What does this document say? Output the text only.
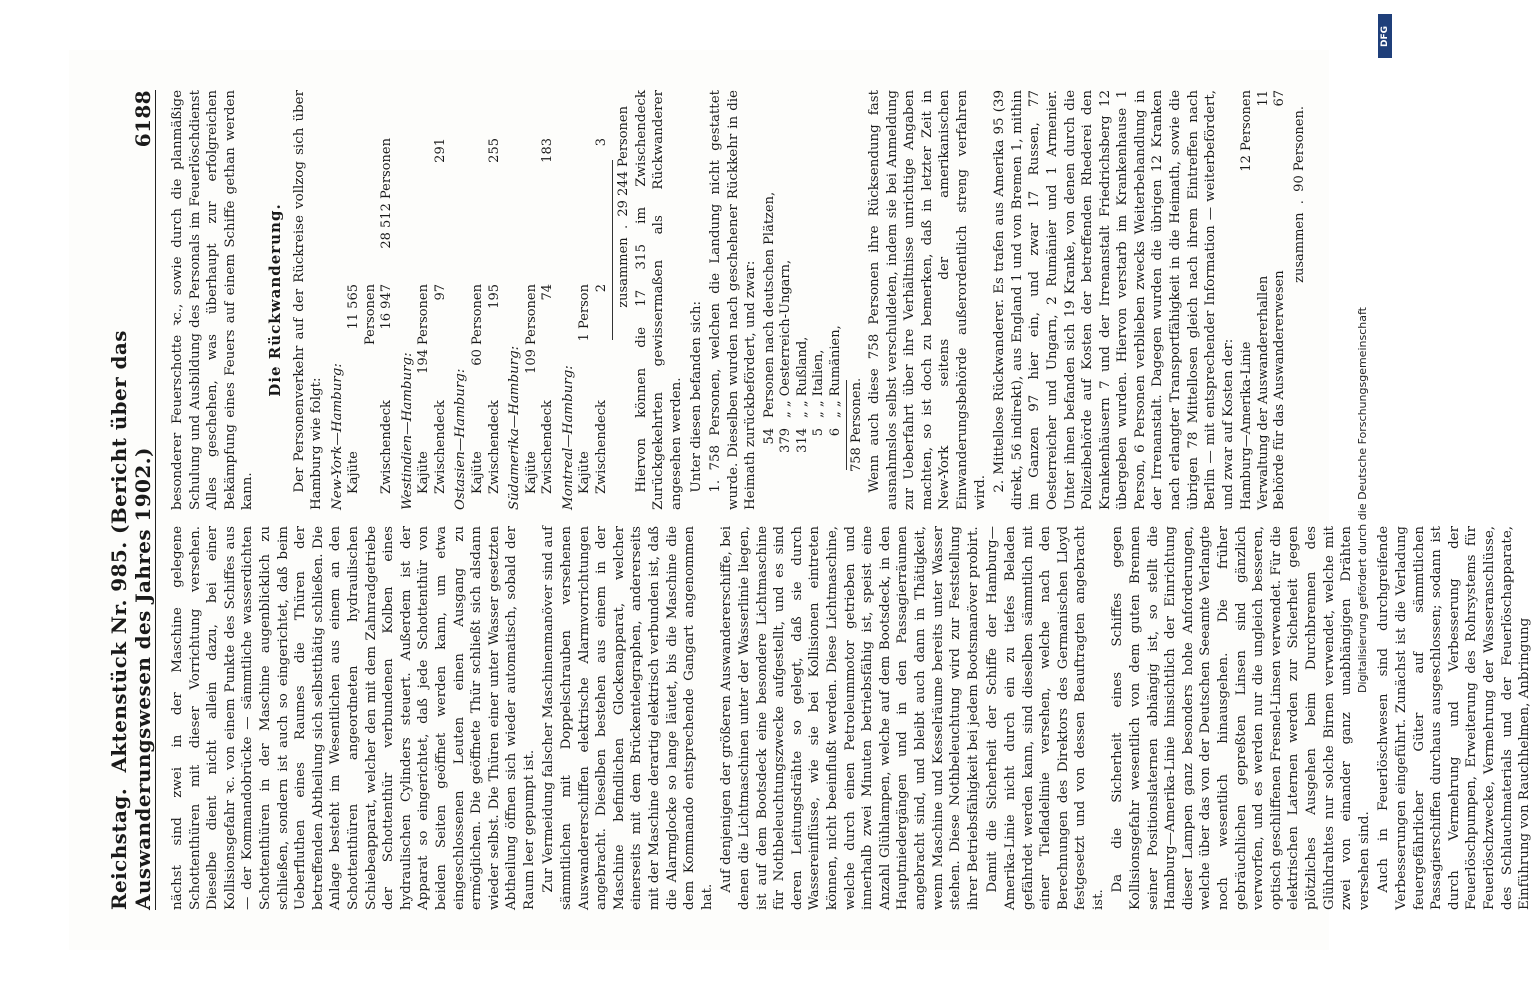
Reichstag. Aktenstück Nr. 985. (Bericht über das Auswanderungswesen des Jahres 1902.)
6188

nächst sind zwei in der Maschine gelegene Schottenthüren mit dieser Vorrichtung versehen. Dieselbe dient nicht allein dazu, bei einer Kollisionsgefahr ꝛc. von einem Punkte des Schiffes aus — der Kommandobrücke — sämmtliche wasserdichten Schottenthüren in der Maschine augenblicklich zu schließen, sondern ist auch so eingerichtet, daß beim Ueberfluthen eines Raumes die Thüren der betreffenden Abtheilung sich selbstthätig schließen. Die Anlage besteht im Wesentlichen aus einem an den Schottenthüren angeordneten hydraulischen Schiebeapparat, welcher den mit dem Zahnradgetriebe der Schottenthür verbundenen Kolben eines hydraulischen Cylinders steuert. Außerdem ist der Apparat so eingerichtet, daß jede Schottenthür von beiden Seiten geöffnet werden kann, um etwa eingeschlossenen Leuten einen Ausgang zu ermöglichen. Die geöffnete Thür schließt sich alsdann wieder selbst. Die Thüren einer unter Wasser gesetzten Abtheilung öffnen sich wieder automatisch, sobald der Raum leer gepumpt ist. Zur Vermeidung falscher Maschinenmanöver sind auf sämmtlichen mit Doppelschrauben versehenen Auswandererschiffen elektrische Alarmvorrichtungen angebracht. Dieselben bestehen aus einem in der Maschine befindlichen Glockenapparat, welcher einerseits mit dem Brückentelegraphen, andererseits mit der Maschine derartig elektrisch verbunden ist, daß die Alarmglocke so lange läutet, bis die Maschine die dem Kommando entsprechende Gangart angenommen hat.

Auf denjenigen der größeren Auswandererschiffe, bei denen die Lichtmaschinen unter der Wasserlinie liegen, ist auf dem Bootsdeck eine besondere Lichtmaschine für Nothbeleuchtungszwecke aufgestellt, und es sind deren Leitungsdrähte so gelegt, daß sie durch Wassereinflüsse, wie sie bei Kollisionen eintreten können, nicht beeinflußt werden. Diese Lichtmaschine, welche durch einen Petroleummotor getrieben und innerhalb zwei Minuten betriebsfähig ist, speist eine Anzahl Glühlampen, welche auf dem Bootsdeck, in den Hauptniedergängen und in den Passagierräumen angebracht sind, und bleibt auch dann in Thätigkeit, wenn Maschine und Kesselräume bereits unter Wasser stehen. Diese Nothbeleuchtung wird zur Feststellung ihrer Betriebsfähigkeit bei jedem Bootsmanöver probirt. Damit die Sicherheit der Schiffe der Hamburg—Amerika-Linie nicht durch ein zu tiefes Beladen gefährdet werden kann, sind dieselben sämmtlich mit einer Tiefladelinie versehen, welche nach den Berechnungen des Direktors des Germanischen Lloyd festgesetzt und von dessen Beauftragten angebracht ist.

Da die Sicherheit eines Schiffes gegen Kollisionsgefahr wesentlich von dem guten Brennen seiner Positionslaternen abhängig ist, so stellt die Hamburg—Amerika-Linie hinsichtlich der Einrichtung dieser Lampen ganz besonders hohe Anforderungen, welche über das von der Deutschen Seeamte Verlangte noch wesentlich hinausgehen. Die früher gebräuchlichen gepreßten Linsen sind gänzlich verworfen, und es werden nur die ungleich besseren, optisch geschliffenen Fresnel-Linsen verwendet. Für die elektrischen Laternen werden zur Sicherheit gegen plötzliches Ausgehen beim Durchbrennen des Glühdrahtes nur solche Birnen verwendet, welche mit zwei von einander ganz unabhängigen Drähten versehen sind. Auch in Feuerlöschwesen sind durchgreifende Verbesserungen eingeführt. Zunächst ist die Verladung feuergefährlicher Güter auf sämmtlichen Passagierschiffen durchaus ausgeschlossen; sodann ist durch Vermehrung und Verbesserung der Feuerlöschpumpen, Erweiterung des Rohrsystems für Feuerlöschzwecke, Vermehrung der Wasseranschlüsse, des Schlauchmaterials und der Feuerlöschapparate, Einführung von Rauchhelmen, Anbringung

besonderer Feuerschotte ꝛc., sowie durch die planmäßige Schulung und Ausbildung des Personals im Feuerlöschdienst Alles geschehen, was überhaupt zur erfolgreichen Bekämpfung eines Feuers auf einem Schiffe gethan werden kann.

Die Rückwanderung. Der Personenverkehr auf der Rückreise vollzog sich über Hamburg wie folgt: New-York—Hamburg: Kajüte
11 565 Personen
Zwischendeck
16 947
28 512 Personen
Westindien—Hamburg: Kajüte
194 Personen
Zwischendeck
97
291
Ostasien—Hamburg: Kajüte
60 Personen
Zwischendeck
195
255
Südamerika—Hamburg: Kajüte
109 Personen
Zwischendeck
74
183
Montreal—Hamburg: Kajüte
1 Person
Zwischendeck
2
3
zusammen
.
29 244 Personen Hiervon können die 17 315 im Zwischendeck Zurückgekehrten gewissermaßen als Rückwanderer angesehen werden. Unter diesen befanden sich: 1. 758 Personen, welchen die Landung nicht gestattet wurde. Dieselben wurden nach geschehener Rückkehr in die Heimath zurückbefördert, und zwar: 54
Personen nach deutschen Plätzen,
379
„ „ Oesterreich-Ungarn,
314
„ „ Rußland,
5
„ „ Italien,
6
„ „ Rumänien,
758 Personen. Wenn auch diese 758 Personen ihre Rücksendung fast ausnahmslos selbst verschuldeten, indem sie bei Anmeldung zur Ueberfahrt über ihre Verhältnisse unrichtige Angaben machten, so ist doch zu bemerken, daß in letzter Zeit in New-York seitens der amerikanischen Einwanderungsbehörde außerordentlich streng verfahren wird. 2. Mittellose Rückwanderer. Es trafen aus Amerika 95 (39 direkt, 56 indirekt), aus England 1 und von Bremen 1, mithin im Ganzen 97 hier ein, und zwar 17 Russen, 77 Oesterreicher und Ungarn, 2 Rumänier und 1 Armenier. Unter ihnen befanden sich 19 Kranke, von denen durch die Polizeibehörde auf Kosten der betreffenden Rhederei den Krankenhäusern 7 und der Irrenanstalt Friedrichsberg 12 übergeben wurden. Hiervon verstarb im Krankenhause 1 Person, 6 Personen verblieben zwecks Weiterbehandlung in der Irrenanstalt. Dagegen wurden die übrigen 12 Kranken nach erlangter Transportfähigkeit in die Heimath, sowie die übrigen 78 Mittellosen gleich nach ihrem Eintreffen nach Berlin — mit entsprechender Information — weiterbefördert, und zwar auf Kosten der: Hamburg—Amerika-Linie
12 Personen
Verwaltung der Auswandererhallen
11
Behörde für das Auswandererwesen
67
zusammen
.
90 Personen.
Digitalisierung gefördert durch die Deutsche Forschungsgemeinschaft
DFG
